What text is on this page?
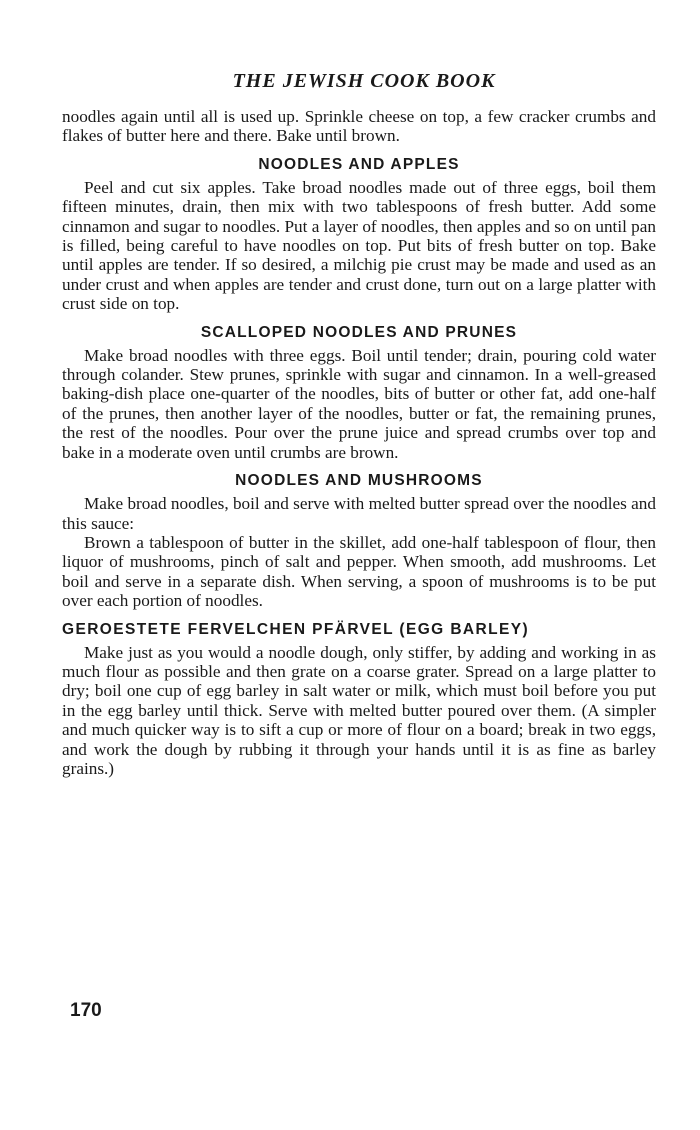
THE JEWISH COOK BOOK

noodles again until all is used up. Sprinkle cheese on top, a few cracker crumbs and flakes of butter here and there. Bake until brown.

NOODLES AND APPLES

Peel and cut six apples. Take broad noodles made out of three eggs, boil them fifteen minutes, drain, then mix with two tablespoons of fresh butter. Add some cinnamon and sugar to noodles. Put a layer of noodles, then apples and so on until pan is filled, being careful to have noodles on top. Put bits of fresh butter on top. Bake until apples are tender. If so desired, a milchig pie crust may be made and used as an under crust and when apples are tender and crust done, turn out on a large platter with crust side on top.

SCALLOPED NOODLES AND PRUNES

Make broad noodles with three eggs. Boil until tender; drain, pouring cold water through colander. Stew prunes, sprinkle with sugar and cinnamon. In a well-greased baking-dish place one-quarter of the noodles, bits of butter or other fat, add one-half of the prunes, then another layer of the noodles, butter or fat, the remaining prunes, the rest of the noodles. Pour over the prune juice and spread crumbs over top and bake in a moderate oven until crumbs are brown.

NOODLES AND MUSHROOMS

Make broad noodles, boil and serve with melted butter spread over the noodles and this sauce:

Brown a tablespoon of butter in the skillet, add one-half tablespoon of flour, then liquor of mushrooms, pinch of salt and pepper. When smooth, add mushrooms. Let boil and serve in a separate dish. When serving, a spoon of mushrooms is to be put over each portion of noodles.

GEROESTETE FERVELCHEN PFÄRVEL (EGG BARLEY)

Make just as you would a noodle dough, only stiffer, by adding and working in as much flour as possible and then grate on a coarse grater. Spread on a large platter to dry; boil one cup of egg barley in salt water or milk, which must boil before you put in the egg barley until thick. Serve with melted butter poured over them. (A simpler and much quicker way is to sift a cup or more of flour on a board; break in two eggs, and work the dough by rubbing it through your hands until it is as fine as barley grains.)

170
